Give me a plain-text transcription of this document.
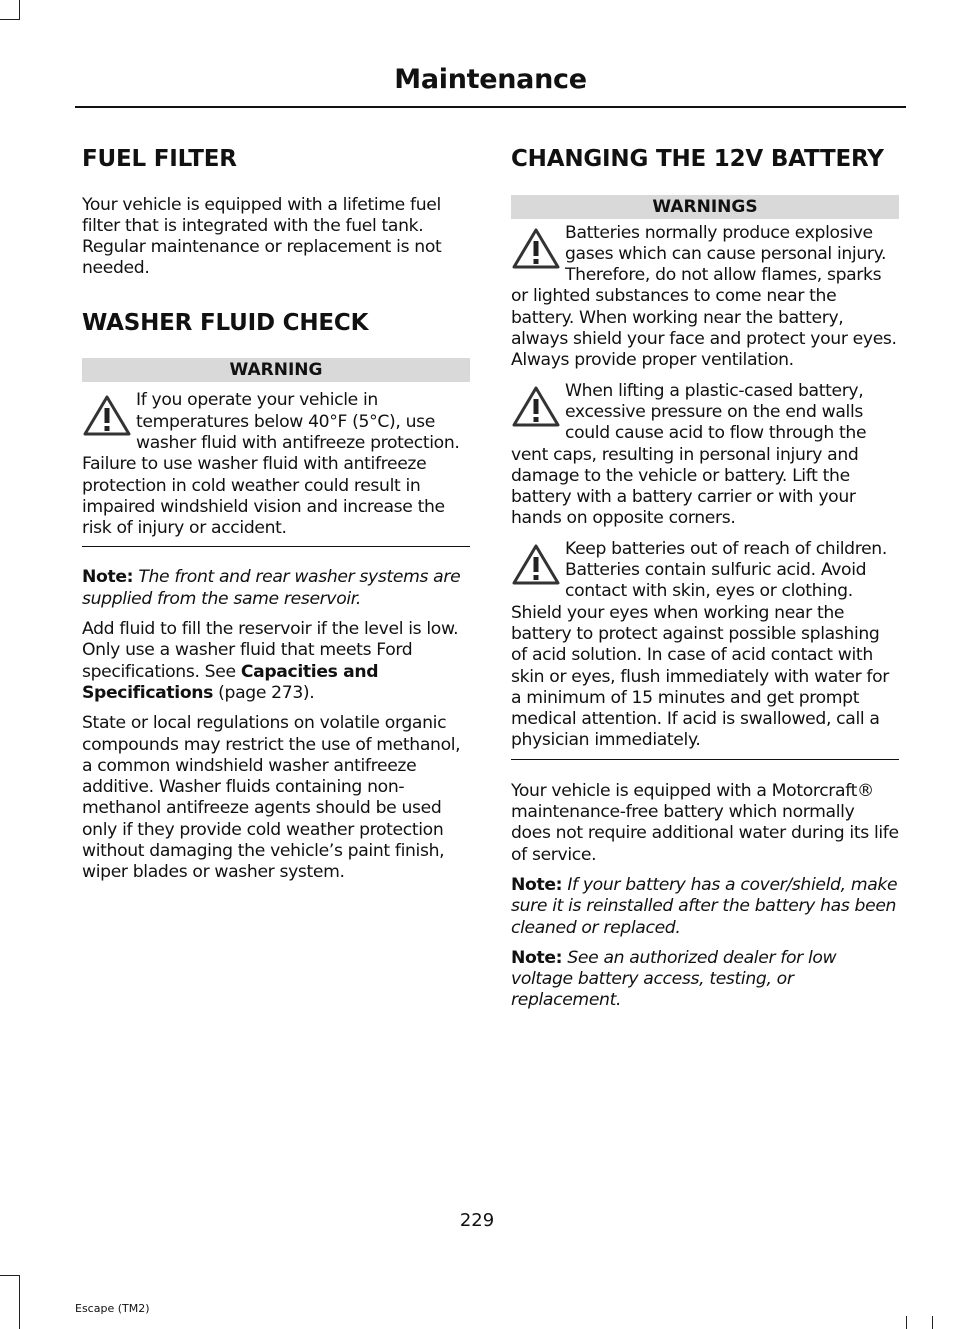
Maintenance
FUEL FILTER

Your vehicle is equipped with a lifetime fuel filter that is integrated with the fuel tank. Regular maintenance or replacement is not needed.

WASHER FLUID CHECK
WARNING

If you operate your vehicle in temperatures below 40°F (5°C), use washer fluid with antifreeze protection. Failure to use washer fluid with antifreeze protection in cold weather could result in impaired windshield vision and increase the risk of injury or accident.

Note: The front and rear washer systems are supplied from the same reservoir.

Add fluid to fill the reservoir if the level is low. Only use a washer fluid that meets Ford specifications. See Capacities and Specifications (page 273).

State or local regulations on volatile organic compounds may restrict the use of methanol, a common windshield washer antifreeze additive. Washer fluids containing non-methanol antifreeze agents should be used only if they provide cold weather protection without damaging the vehicle’s paint finish, wiper blades or washer system.

CHANGING THE 12V BATTERY
WARNINGS

Batteries normally produce explosive gases which can cause personal injury. Therefore, do not allow flames, sparks or lighted substances to come near the battery. When working near the battery, always shield your face and protect your eyes. Always provide proper ventilation.

When lifting a plastic-cased battery, excessive pressure on the end walls could cause acid to flow through the vent caps, resulting in personal injury and damage to the vehicle or battery. Lift the battery with a battery carrier or with your hands on opposite corners.

Keep batteries out of reach of children. Batteries contain sulfuric acid. Avoid contact with skin, eyes or clothing. Shield your eyes when working near the battery to protect against possible splashing of acid solution. In case of acid contact with skin or eyes, flush immediately with water for a minimum of 15 minutes and get prompt medical attention. If acid is swallowed, call a physician immediately.

Your vehicle is equipped with a Motorcraft® maintenance-free battery which normally does not require additional water during its life of service.

Note: If your battery has a cover/shield, make sure it is reinstalled after the battery has been cleaned or replaced.

Note: See an authorized dealer for low voltage battery access, testing, or replacement.

229
Escape (TM2)
